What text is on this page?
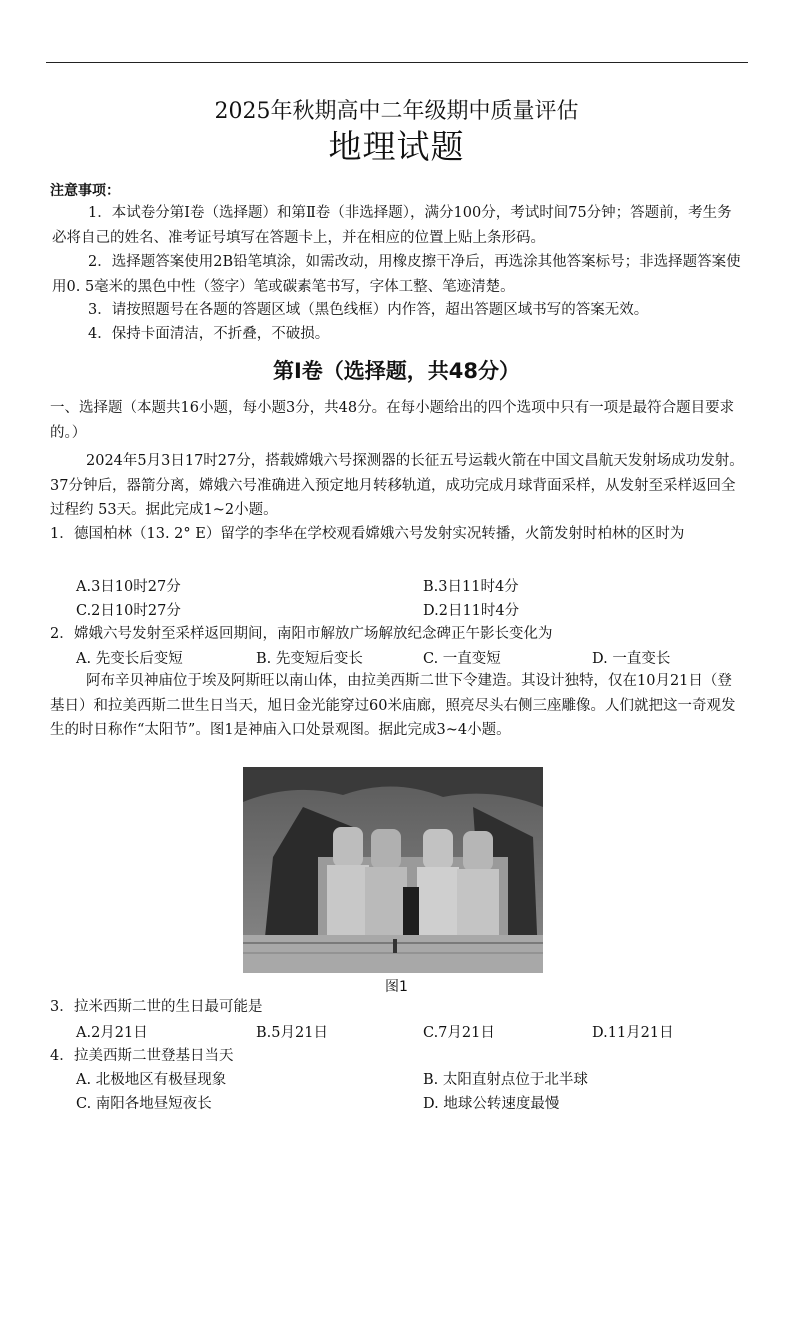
2025年秋期高中二年级期中质量评估
地理试题
注意事项：
1．本试卷分第Ⅰ卷（选择题）和第Ⅱ卷（非选择题），满分100分，考试时间75分钟；答题前，考生务必将自己的姓名、准考证号填写在答题卡上，并在相应的位置上贴上条形码。
2．选择题答案使用2B铅笔填涂，如需改动，用橡皮擦干净后，再选涂其他答案标号；非选择题答案使用0. 5毫米的黑色中性（签字）笔或碳素笔书写，字体工整、笔迹清楚。
3．请按照题号在各题的答题区域（黑色线框）内作答，超出答题区域书写的答案无效。
4．保持卡面清洁，不折叠，不破损。
第Ⅰ卷（选择题，共48分）
一、选择题（本题共16小题，每小题3分，共48分。在每小题给出的四个选项中只有一项是最符合题目要求的。）
2024年5月3日17时27分，搭载嫦娥六号探测器的长征五号运载火箭在中国文昌航天发射场成功发射。37分钟后，器箭分离，嫦娥六号准确进入预定地月转移轨道，成功完成月球背面采样，从发射至采样返回全过程约 53天。据此完成1~2小题。
1．德国柏林（13. 2° E）留学的李华在学校观看嫦娥六号发射实况转播，火箭发射时柏林的区时为
A.3日10时27分	B.3日11时4分
C.2日10时27分	D.2日11时4分
2．嫦娥六号发射至采样返回期间，南阳市解放广场解放纪念碑正午影长变化为
A. 先变长后变短	B. 先变短后变长	C. 一直变短	D. 一直变长
阿布辛贝神庙位于埃及阿斯旺以南山体，由拉美西斯二世下令建造。其设计独特，仅在10月21日（登基日）和拉美西斯二世生日当天，旭日金光能穿过60米庙廊，照亮尽头右侧三座雕像。人们就把这一奇观发生的时日称作“太阳节”。图1是神庙入口处景观图。据此完成3~4小题。
图1
3．拉米西斯二世的生日最可能是
A.2月21日	B.5月21日	C.7月21日	D.11月21日
4．拉美西斯二世登基日当天
A. 北极地区有极昼现象	B. 太阳直射点位于北半球
C. 南阳各地昼短夜长	D. 地球公转速度最慢
